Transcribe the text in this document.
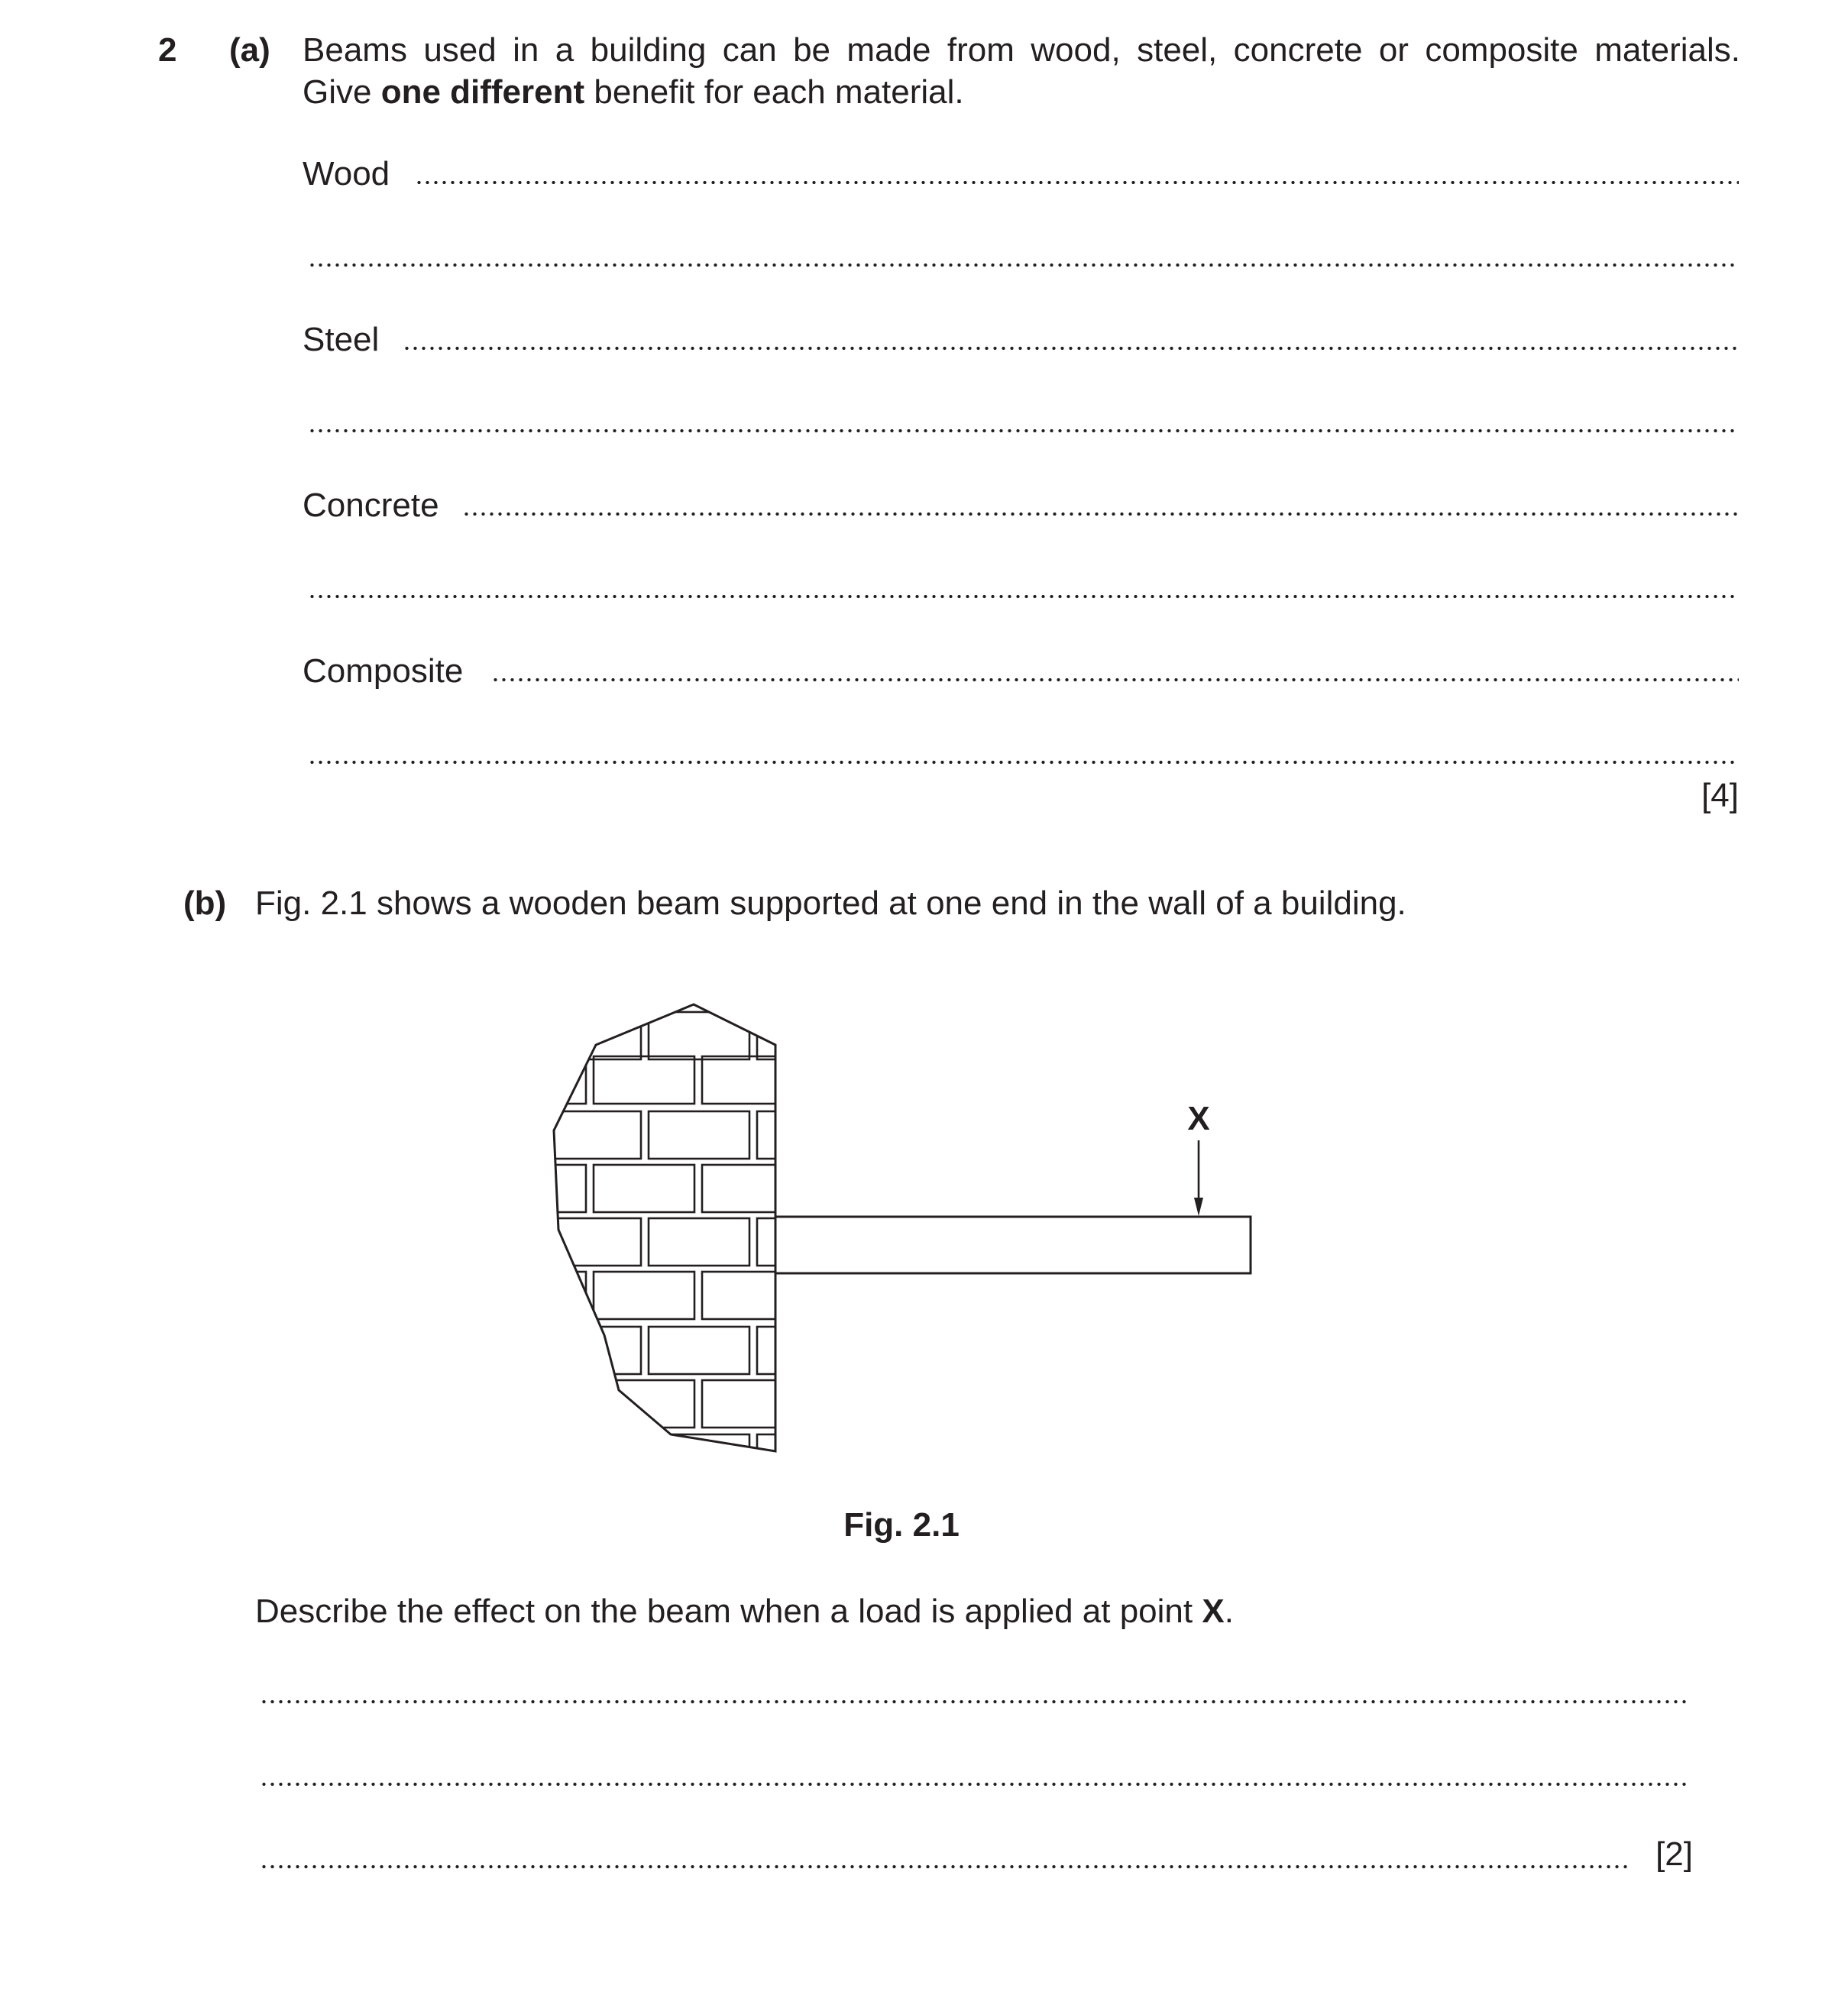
2 (a) Beams used in a building can be made from wood, steel, concrete or composite materials.
Give one different benefit for each material.
Wood
Steel
Concrete
Composite
[4]
(b) Fig. 2.1 shows a wooden beam supported at one end in the wall of a building.
X
Fig. 2.1
Describe the effect on the beam when a load is applied at point X.
[2]
